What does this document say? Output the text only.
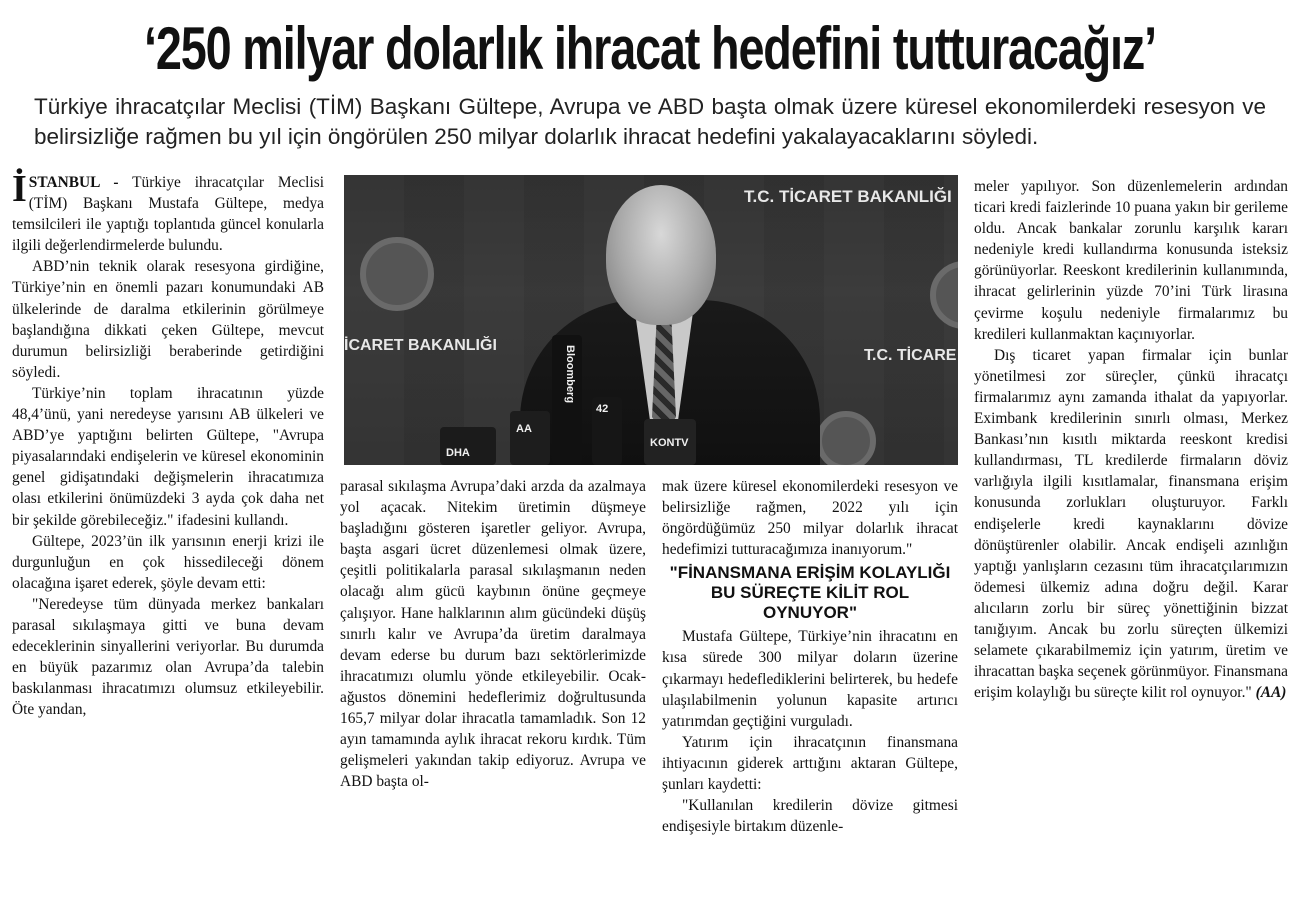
‘250 milyar dolarlık ihracat hedefini tutturacağız’
Türkiye ihracatçılar Meclisi (TİM) Başkanı Gültepe, Avrupa ve ABD başta olmak üzere küresel ekonomilerdeki resesyon ve belirsizliğe rağmen bu yıl için öngörülen 250 milyar dolarlık ihracat hedefini yakalayacaklarını söyledi.

İSTANBUL - Türkiye ihracatçılar Meclisi (TİM) Başkanı Mustafa Gültepe, medya temsilcileri ile yaptığı toplantıda güncel konularla ilgili değerlendirmelerde bulundu.

ABD’nin teknik olarak resesyona girdiğine, Türkiye’nin en önemli pazarı konumundaki AB ülkelerinde de daralma etkilerinin görülmeye başlandığına dikkati çeken Gültepe, mevcut durumun belirsizliği beraberinde getirdiğini söyledi.

Türkiye’nin toplam ihracatının yüzde 48,4’ünü, yani neredeyse yarısını AB ülkeleri ve ABD’ye yaptığını belirten Gültepe, "Avrupa piyasalarındaki endişelerin ve küresel ekonominin genel gidişatındaki değişmelerin ihracatımıza olası etkilerini önümüzdeki 3 ayda çok daha net bir şekilde görebileceğiz." ifadesini kullandı.

Gültepe, 2023’ün ilk yarısının enerji krizi ile durgunluğun en çok hissedileceği dönem olacağına işaret ederek, şöyle devam etti:

"Neredeyse tüm dünyada merkez bankaları parasal sıkılaşmaya gitti ve buna devam edeceklerinin sinyallerini veriyorlar. Bu durumda en büyük pazarımız olan Avrupa’da talebin baskılanması ihracatımızı olumsuz etkileyebilir. Öte yandan,

T.C. TİCARET BAKANLIĞI
İCARET BAKANLIĞI
T.C. TİCARE
Bloomberg
AA
DHA
KONTV
42

parasal sıkılaşma Avrupa’daki arzda da azalmaya yol açacak. Nitekim üretimin düşmeye başladığını gösteren işaretler geliyor. Avrupa, başta asgari ücret düzenlemesi olmak üzere, çeşitli politikalarla parasal sıkılaşmanın neden olacağı alım gücü kaybının önüne geçmeye çalışıyor. Hane halklarının alım gücündeki düşüş sınırlı kalır ve Avrupa’da üretim daralmaya devam ederse bu durum bazı sektörlerimizde ihracatımızı olumlu yönde etkileyebilir. Ocak-ağustos dönemini hedeflerimiz doğrultusunda 165,7 milyar dolar ihracatla tamamladık. Son 12 ayın tamamında aylık ihracat rekoru kırdık. Tüm gelişmeleri yakından takip ediyoruz. Avrupa ve ABD başta ol-

mak üzere küresel ekonomilerdeki resesyon ve belirsizliğe rağmen, 2022 yılı için öngördüğümüz 250 milyar dolarlık ihracat hedefimizi tutturacağımıza inanıyorum."

"FİNANSMANA ERİŞİM KOLAYLIĞI BU SÜREÇTE KİLİT ROL OYNUYOR"

Mustafa Gültepe, Türkiye’nin ihracatını en kısa sürede 300 milyar doların üzerine çıkarmayı hedeflediklerini belirterek, bu hedefe ulaşılabilmenin yolunun kapasite artırıcı yatırımdan geçtiğini vurguladı.

Yatırım için ihracatçının finansmana ihtiyacının giderek arttığını aktaran Gültepe, şunları kaydetti:

"Kullanılan kredilerin dövize gitmesi endişesiyle birtakım düzenle-

meler yapılıyor. Son düzenlemelerin ardından ticari kredi faizlerinde 10 puana yakın bir gerileme oldu. Ancak bankalar zorunlu karşılık kararı nedeniyle kredi kullandırma konusunda isteksiz görünüyorlar. Reeskont kredilerinin kullanımında, ihracat gelirlerinin yüzde 70’ini Türk lirasına çevirme koşulu nedeniyle firmalarımız bu kredileri kullanmaktan kaçınıyorlar.

Dış ticaret yapan firmalar için bunlar yönetilmesi zor süreçler, çünkü ihracatçı firmalarımız aynı zamanda ithalat da yapıyorlar. Eximbank kredilerinin sınırlı olması, Merkez Bankası’nın kısıtlı miktarda reeskont kredisi kullandırması, TL kredilerde firmaların döviz varlığıyla ilgili kısıtlamalar, finansmana erişim konusunda zorlukları oluşturuyor. Farklı endişelerle kredi kaynaklarını dövize dönüştürenler olabilir. Ancak endişeli azınlığın yaptığı yanlışların cezasını tüm ihracatçılarımızın ödemesi ülkemiz adına doğru değil. Karar alıcıların zorlu bir süreç yönettiğinin bizzat tanığıyım. Ancak bu zorlu süreçten ülkemizi selamete çıkarabilmemiz için yatırım, üretim ve ihracattan başka seçenek görünmüyor. Finansmana erişim kolaylığı bu süreçte kilit rol oynuyor." (AA)
